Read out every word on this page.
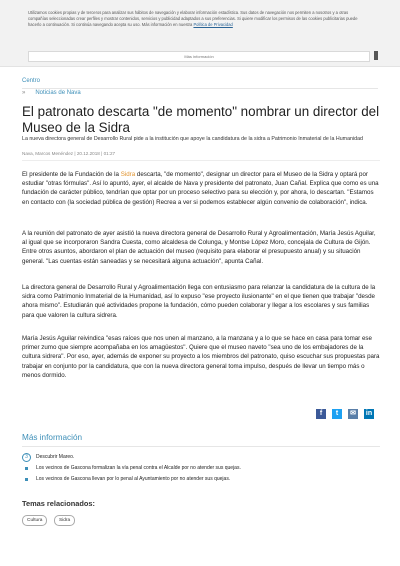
Utilizamos cookies propias y de terceros para analizar sus hábitos de navegación y elaborar información estadística. Sus datos de navegación nos permiten a nosotros y a otras compañías seleccionadas crear perfiles y mostrar contenidos, servicios y publicidad adaptados a sus preferencias. Si quiere modificar los permisos de las cookies publicitarias puede hacerlo a continuación. Si continúa navegando acepta su uso. Más información en nuestra Política de Privacidad
Más información
Centro
» Noticias de Nava
El patronato descarta "de momento" nombrar un director del Museo de la Sidra
La nueva directora general de Desarrollo Rural pide a la institución que apoye la candidatura de la sidra a Patrimonio Inmaterial de la Humanidad
Nava, Marcos Menéndez | 20.12.2018 | 01:27

El presidente de la Fundación de la Sidra descarta, "de momento", designar un director para el Museo de la Sidra y optará por estudiar "otras fórmulas". Así lo apuntó, ayer, el alcalde de Nava y presidente del patronato, Juan Cañal. Explica que como es una fundación de carácter público, tendrían que optar por un proceso selectivo para su elección y, por ahora, lo descartan. "Estamos en contacto con (la sociedad pública de gestión) Recrea a ver si podemos establecer algún convenio de colaboración", indica.

A la reunión del patronato de ayer asistió la nueva directora general de Desarrollo Rural y Agroalimentación, María Jesús Aguilar, al igual que se incorporaron Sandra Cuesta, como alcaldesa de Colunga, y Montse López Moro, concejala de Cultura de Gijón. Entre otros asuntos, abordaron el plan de actuación del museo (requisito para elaborar el presupuesto anual) y su situación general. "Las cuentas están saneadas y se necesitará alguna actuación", apunta Cañal.

La directora general de Desarrollo Rural y Agroalimentación llega con entusiasmo para relanzar la candidatura de la cultura de la sidra como Patrimonio Inmaterial de la Humanidad, así lo expuso "ese proyecto ilusionante" en el que tienen que trabajar "desde ahora mismo". Estudiarán qué actividades propone la fundación, cómo pueden colaborar y llegar a los escolares y sus familias para que valoren la cultura sidrera.

María Jesús Aguilar reivindica "esas raíces que nos unen al manzano, a la manzana y a lo que se hace en casa para tomar ese primer zumo que siempre acompañaba en los amagüestos". Quiere que el museo naveto "sea uno de los embajadores de la cultura sidrera". Por eso, ayer, además de exponer su proyecto a los miembros del patronato, quiso escuchar sus propuestas para trabajar en conjunto por la candidatura, que con la nueva directora general toma impulso, después de llevar un tiempo más o menos dormido.

f	t	✉ in
Más información
3	Descubrir Mareo.
Los vecinos de Gascona formalizan la vía penal contra el Alcalde por no atender sus quejas.
Los vecinos de Gascona llevan por lo penal al Ayuntamiento por no atender sus quejas.
Temas relacionados:
Cultura	Sidra
